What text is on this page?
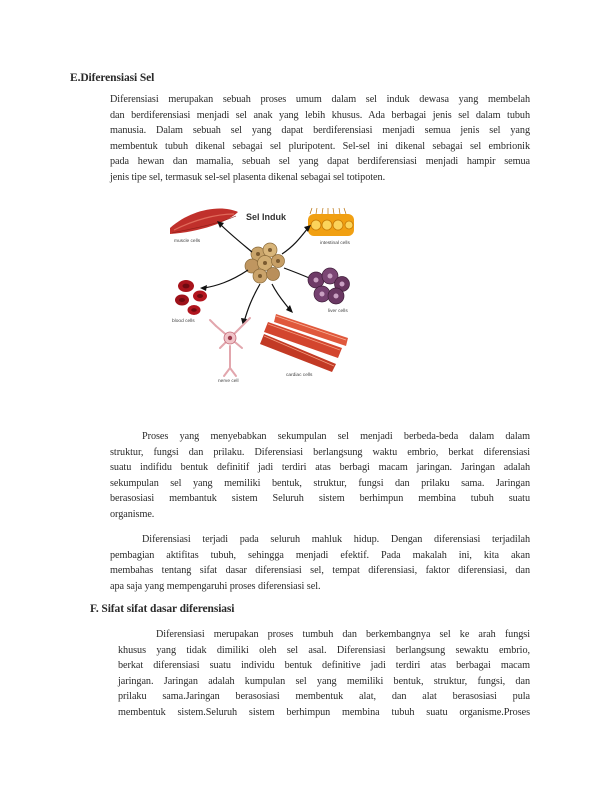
E.Diferensiasi Sel
Diferensiasi merupakan sebuah proses umum dalam sel induk dewasa yang membelah
dan berdiferensiasi menjadi sel anak yang lebih khusus. Ada berbagai jenis sel dalam tubuh
manusia. Dalam sebuah sel yang dapat berdiferensiasi menjadi semua jenis sel yang
membentuk tubuh dikenal sebagai sel pluripotent. Sel-sel ini dikenal sebagai sel embrionik
pada hewan dan mamalia, sebuah sel yang dapat berdiferensiasi menjadi hampir semua
jenis tipe sel, termasuk sel-sel plasenta dikenal sebagai sel totipoten.
muscle cells
Sel Induk
intestinal cells
blood cells
liver cells
nerve cell
cardiac cells
Proses yang menyebabkan sekumpulan sel menjadi berbeda-beda dalam dalam
struktur, fungsi dan prilaku. Diferensiasi berlangsung waktu embrio, berkat diferensiasi
suatu indifidu bentuk definitif jadi terdiri atas berbagi macam jaringan. Jaringan adalah
sekumpulan sel yang memiliki bentuk, struktur, fungsi dan prilaku sama. Jaringan
berasosiasi membantuk sistem Seluruh sistem berhimpun membina tubuh suatu
organisme.
Diferensiasi terjadi pada seluruh mahluk hidup. Dengan diferensiasi terjadilah
pembagian aktifitas tubuh, sehingga menjadi efektif. Pada makalah ini, kita akan
membahas tentang sifat dasar diferensiasi sel, tempat diferensiasi, faktor diferensiasi, dan
apa saja yang mempengaruhi proses diferensiasi sel.
F. Sifat sifat dasar diferensiasi
Diferensiasi merupakan proses tumbuh dan berkembangnya sel ke arah fungsi
khusus yang tidak dimiliki oleh sel asal. Diferensiasi berlangsung sewaktu embrio,
berkat diferensiasi suatu individu bentuk definitive jadi terdiri atas berbagai macam
jaringan. Jaringan adalah kumpulan sel yang memiliki bentuk, struktur, fungsi, dan
prilaku sama.Jaringan berasosiasi membentuk alat, dan alat berasosiasi pula
membentuk sistem.Seluruh sistem berhimpun membina tubuh suatu organisme.Proses
